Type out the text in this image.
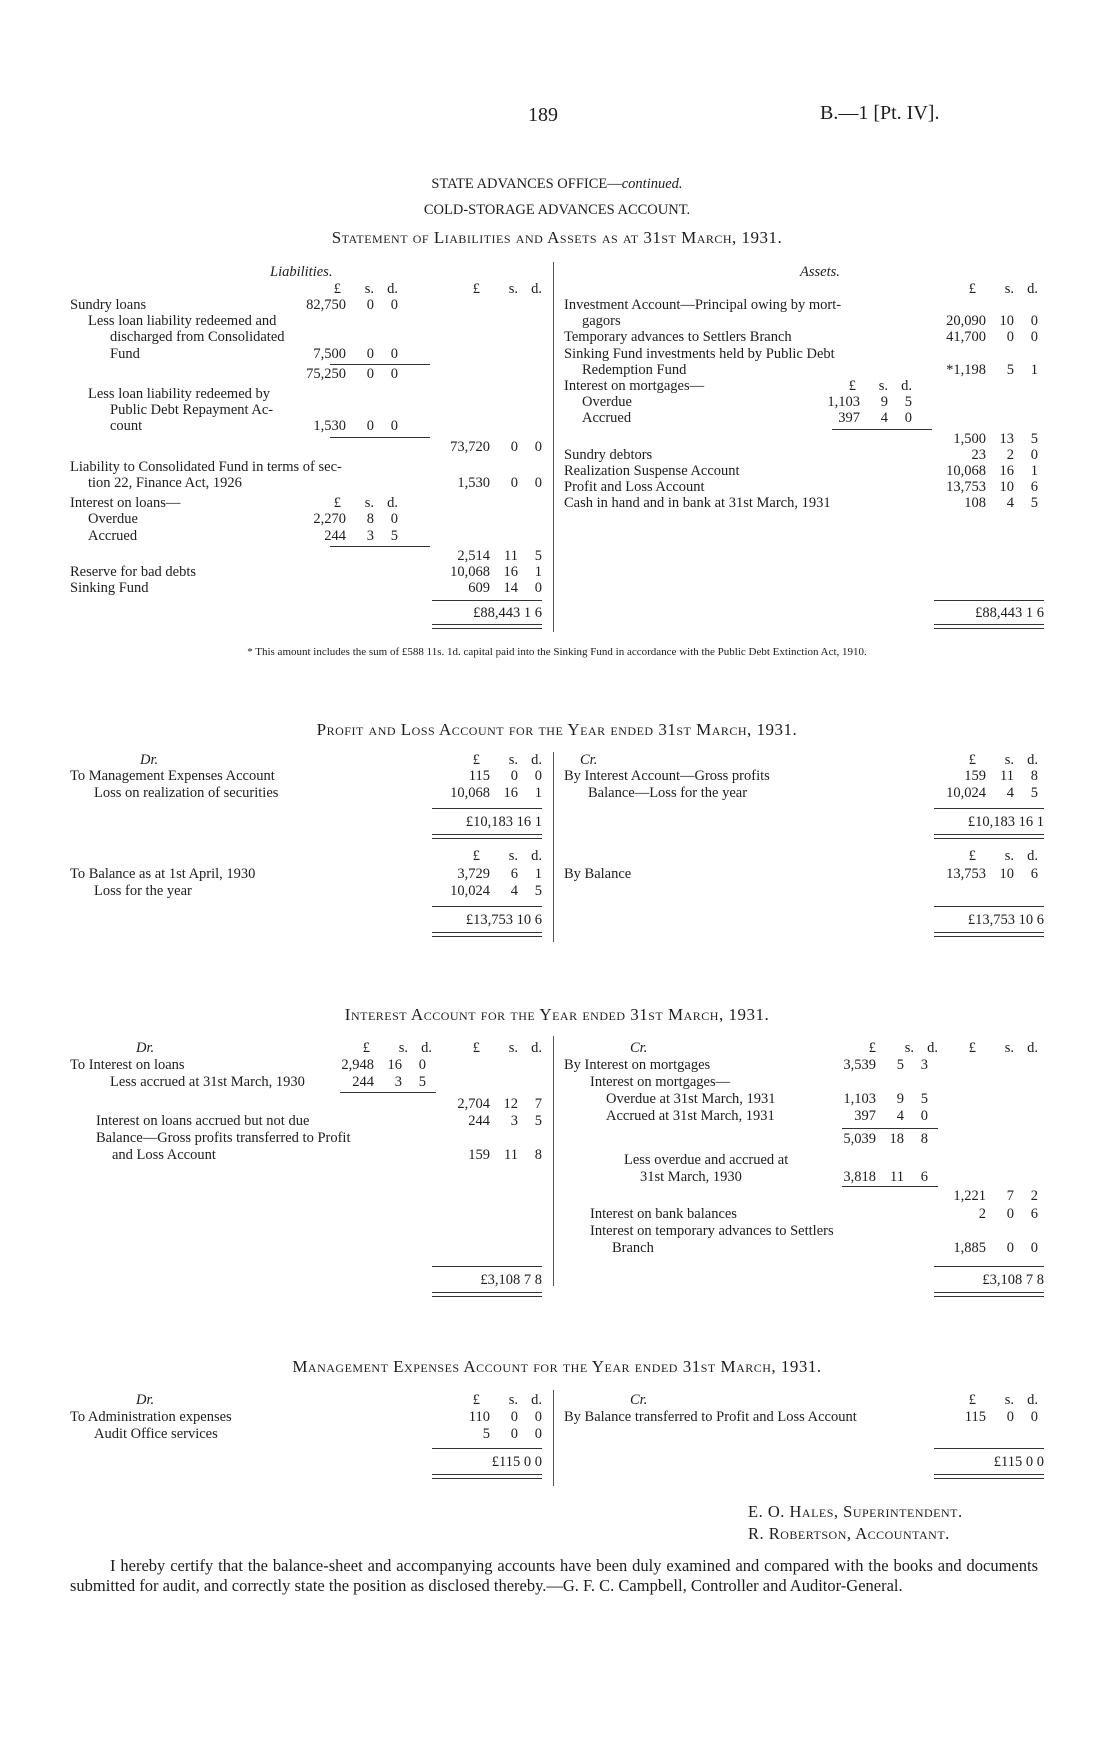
189	B.—1 [Pt. IV].
STATE ADVANCES OFFICE—continued.
COLD-STORAGE ADVANCES ACCOUNT.
Statement of Liabilities and Assets as at 31st March, 1931.
Liabilities.	Assets.
£	s. d.	£	s. d.
Sundry loans	82,750	0	0
Less loan liability redeemed and
discharged from Consolidated
Fund	7,500	0	0
75,250	0	0
Less loan liability redeemed by
Public Debt Repayment Ac-
count	1,530	0	0
73,720	0	0
Liability to Consolidated Fund in terms of sec-
tion 22, Finance Act, 1926	1,530	0	0
Interest on loans—	£	s. d.
Overdue	2,270	8	0
Accrued	244	3	5
2,514 11	5
Reserve for bad debts	10,068 16	1
Sinking Fund	609 14	0
£88,443 1 6
£	s. d.
Investment Account—Principal owing by mort-
gagors	20,090 10	0
Temporary advances to Settlers Branch	41,700	0	0
Sinking Fund investments held by Public Debt
Redemption Fund	*1,198	5	1
Interest on mortgages—	£	s. d.
Overdue	1,103	9	5
Accrued	397	4	0
1,500 13	5
Sundry debtors	23	2	0
Realization Suspense Account	10,068 16	1
Profit and Loss Account	13,753 10	6
Cash in hand and in bank at 31st March, 1931	108	4	5
£88,443 1 6
* This amount includes the sum of £588 11s. 1d. capital paid into the Sinking Fund in accordance with the Public Debt Extinction Act, 1910.
Profit and Loss Account for the Year ended 31st March, 1931.
Dr.	Cr.
£	s. d.	£	s. d.
£	s. d.	£	s. d.
To Management Expenses Account	115	0	0
Loss on realization of securities	10,068 16	1
By Interest Account—Gross profits	159 11	8
Balance—Loss for the year	10,024	4	5
£10,183 16 1	£10,183 16 1
To Balance as at 1st April, 1930	3,729	6	1
Loss for the year	10,024	4	5
By Balance	13,753 10	6
£13,753 10 6	£13,753 10 6
Interest Account for the Year ended 31st March, 1931.
Dr.	Cr.
£	s. d.	£	s. d.	£	s. d.	£	s. d.
To Interest on loans	2,948 16	0
Less accrued at 31st March, 1930	244	3	5
2,704 12	7
Interest on loans accrued but not due	244	3	5
Balance—Gross profits transferred to Profit
and Loss Account	159 11	8
By Interest on mortgages	3,539	5	3
Interest on mortgages—
Overdue at 31st March, 1931	1,103	9	5
Accrued at 31st March, 1931	397	4	0
5,039 18	8
Less overdue and accrued at
31st March, 1930	3,818 11	6
1,221	7	2
Interest on bank balances	2	0	6
Interest on temporary advances to Settlers
Branch	1,885	0	0
£3,108 7 8	£3,108 7 8
Management Expenses Account for the Year ended 31st March, 1931.
Dr.	Cr.
£	s. d.	£	s. d.
To Administration expenses	110	0	0
Audit Office services	5	0	0
By Balance transferred to Profit and Loss Account	115	0	0
£115 0 0	£115 0 0
E. O. Hales, Superintendent.
R. Robertson, Accountant.
I hereby certify that the balance-sheet and accompanying accounts have been duly examined and compared with the books and documents submitted for audit, and correctly state the position as disclosed thereby.—G. F. C. Campbell, Controller and Auditor-General.
